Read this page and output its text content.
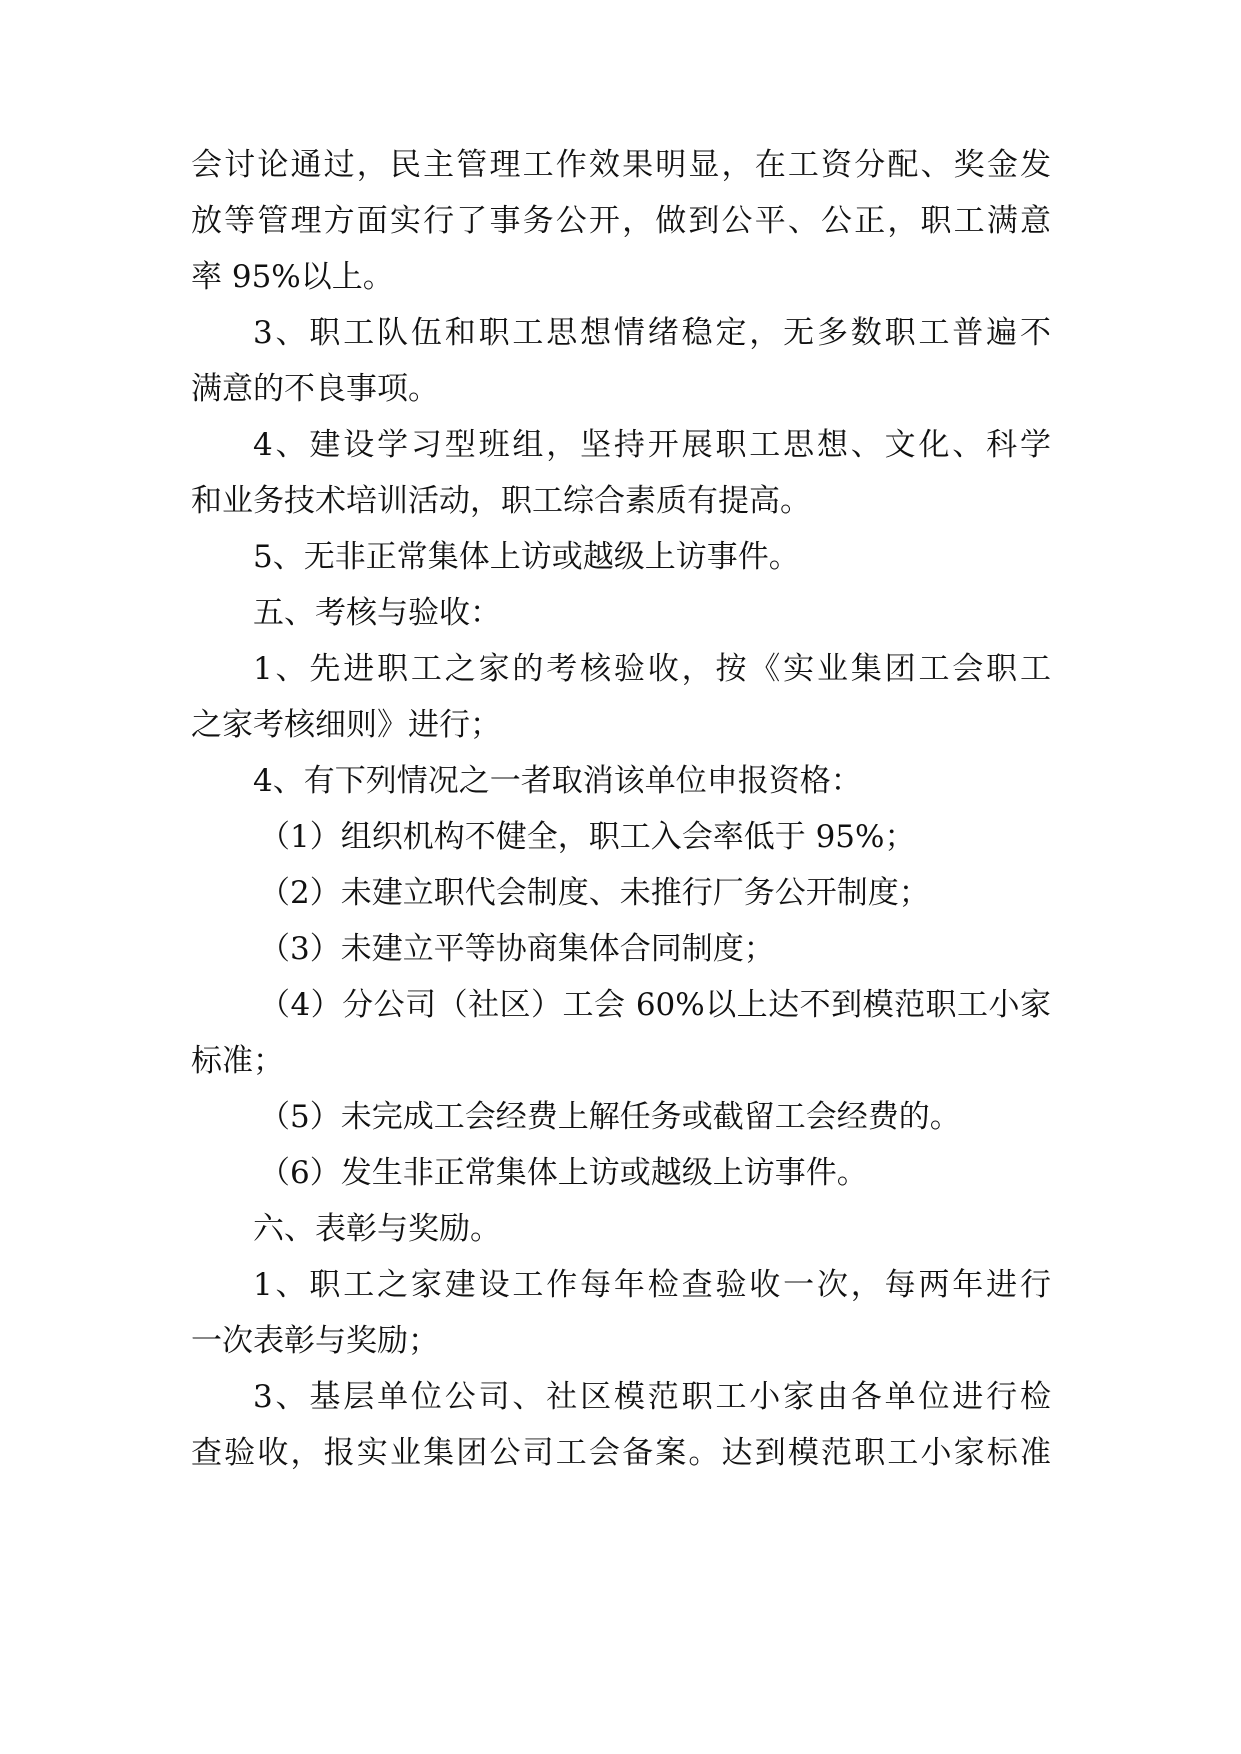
会讨论通过，民主管理工作效果明显，在工资分配、奖金发
放等管理方面实行了事务公开，做到公平、公正，职工满意
率 95%以上。
3、职工队伍和职工思想情绪稳定，无多数职工普遍不
满意的不良事项。
4、建设学习型班组，坚持开展职工思想、文化、科学
和业务技术培训活动，职工综合素质有提高。
5、无非正常集体上访或越级上访事件。
五、考核与验收：
1、先进职工之家的考核验收，按《实业集团工会职工
之家考核细则》进行；
4、有下列情况之一者取消该单位申报资格：
（1）组织机构不健全，职工入会率低于 95%；
（2）未建立职代会制度、未推行厂务公开制度；
（3）未建立平等协商集体合同制度；
（4）分公司（社区）工会 60%以上达不到模范职工小家
标准；
（5）未完成工会经费上解任务或截留工会经费的。
（6）发生非正常集体上访或越级上访事件。
六、表彰与奖励。
1、职工之家建设工作每年检查验收一次，每两年进行
一次表彰与奖励；
3、基层单位公司、社区模范职工小家由各单位进行检
查验收，报实业集团公司工会备案。达到模范职工小家标准
